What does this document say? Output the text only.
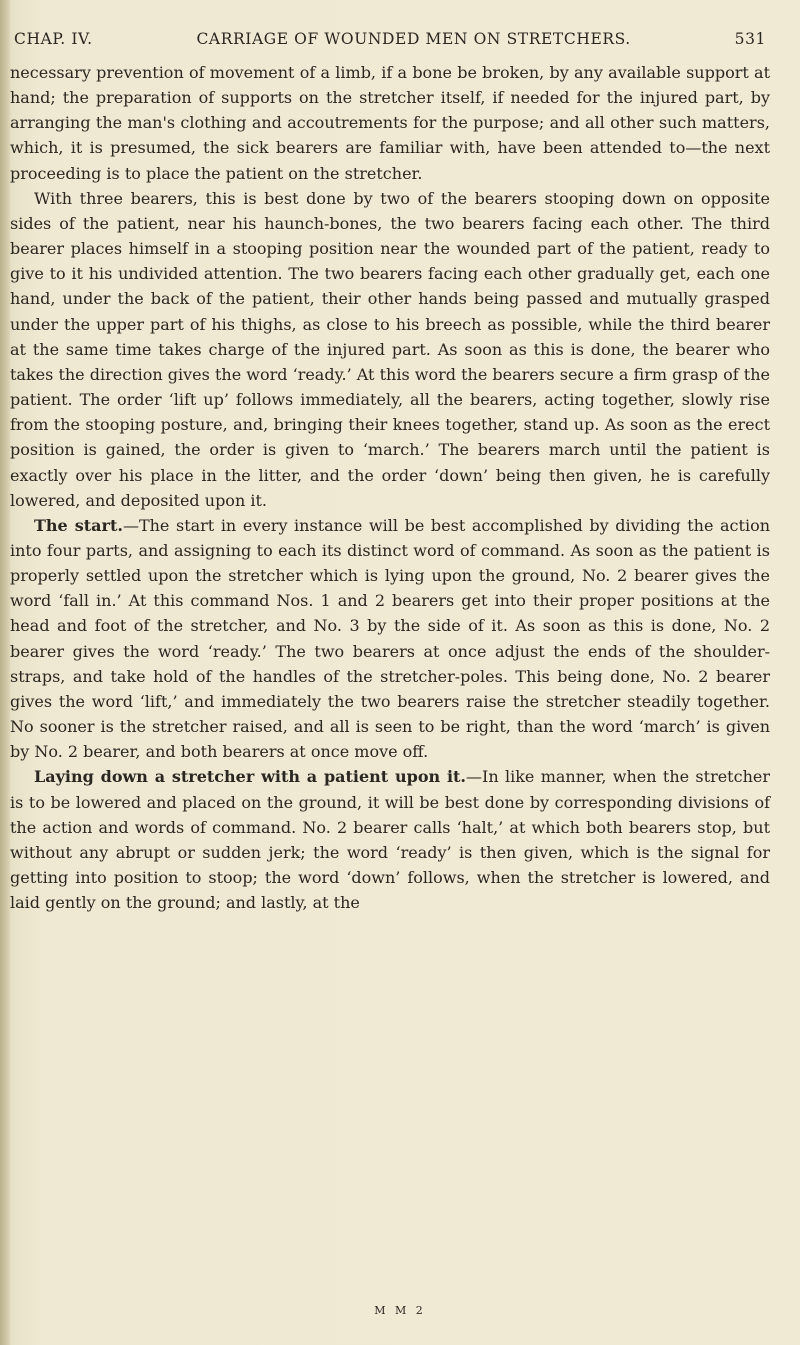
CHAP. IV.	CARRIAGE OF WOUNDED MEN ON STRETCHERS.	531

necessary prevention of movement of a limb, if a bone be broken, by any available support at hand; the preparation of supports on the stretcher itself, if needed for the injured part, by arranging the man's clothing and accoutrements for the purpose; and all other such matters, which, it is presumed, the sick bearers are familiar with, have been attended to—the next proceeding is to place the patient on the stretcher.

With three bearers, this is best done by two of the bearers stooping down on opposite sides of the patient, near his haunch-bones, the two bearers facing each other. The third bearer places himself in a stooping position near the wounded part of the patient, ready to give to it his undivided attention. The two bearers facing each other gradually get, each one hand, under the back of the patient, their other hands being passed and mutually grasped under the upper part of his thighs, as close to his breech as possible, while the third bearer at the same time takes charge of the injured part. As soon as this is done, the bearer who takes the direction gives the word ‘ready.’ At this word the bearers secure a firm grasp of the patient. The order ‘lift up’ follows immediately, all the bearers, acting together, slowly rise from the stooping posture, and, bringing their knees together, stand up. As soon as the erect position is gained, the order is given to ‘march.’ The bearers march until the patient is exactly over his place in the litter, and the order ‘down’ being then given, he is carefully lowered, and deposited upon it.

The start.—The start in every instance will be best accomplished by dividing the action into four parts, and assigning to each its distinct word of command. As soon as the patient is properly settled upon the stretcher which is lying upon the ground, No. 2 bearer gives the word ‘fall in.’ At this command Nos. 1 and 2 bearers get into their proper positions at the head and foot of the stretcher, and No. 3 by the side of it. As soon as this is done, No. 2 bearer gives the word ‘ready.’ The two bearers at once adjust the ends of the shoulder-straps, and take hold of the handles of the stretcher-poles. This being done, No. 2 bearer gives the word ‘lift,’ and immediately the two bearers raise the stretcher steadily together. No sooner is the stretcher raised, and all is seen to be right, than the word ‘march’ is given by No. 2 bearer, and both bearers at once move off.

Laying down a stretcher with a patient upon it.—In like manner, when the stretcher is to be lowered and placed on the ground, it will be best done by corresponding divisions of the action and words of command. No. 2 bearer calls ‘halt,’ at which both bearers stop, but without any abrupt or sudden jerk; the word ‘ready’ is then given, which is the signal for getting into position to stoop; the word ‘down’ follows, when the stretcher is lowered, and laid gently on the ground; and lastly, at the

M M 2
